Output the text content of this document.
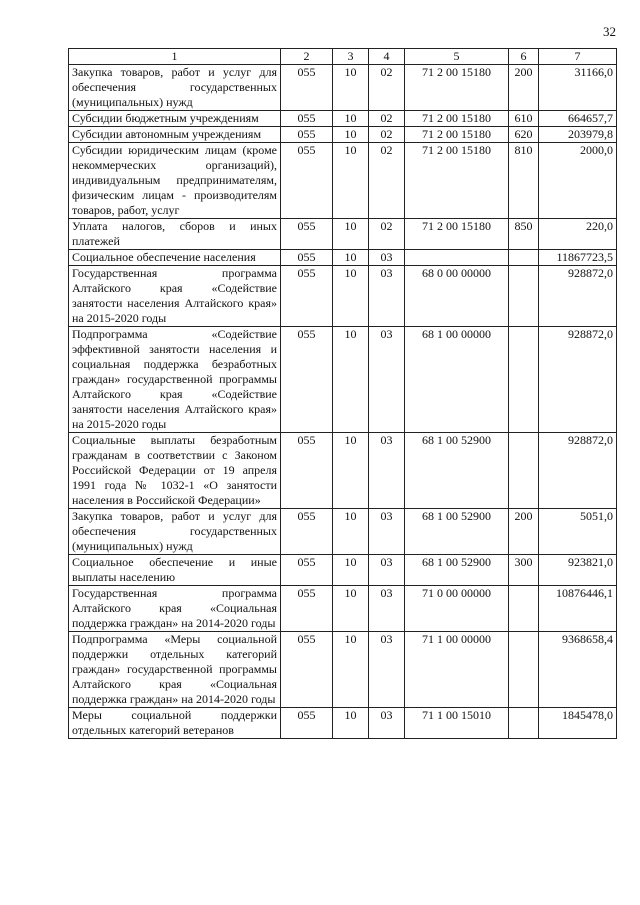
32
1	2	3	4	5	6	7
Закупка товаров, работ и услуг для обеспечения государственных (муниципальных) нужд	055	10	02	71 2 00 15180	200	31166,0
Субсидии бюджетным учреждениям	055	10	02	71 2 00 15180	610	664657,7
Субсидии автономным учреждениям	055	10	02	71 2 00 15180	620	203979,8
Субсидии юридическим лицам (кроме некоммерческих организаций), индивидуальным предпринимателям, физическим лицам - производителям товаров, работ, услуг	055	10	02	71 2 00 15180	810	2000,0
Уплата налогов, сборов и иных платежей	055	10	02	71 2 00 15180	850	220,0
Социальное обеспечение населения	055	10	03			11867723,5
Государственная программа Алтайского края «Содействие занятости населения Алтайского края» на 2015-2020 годы	055	10	03	68 0 00 00000		928872,0
Подпрограмма «Содействие эффективной занятости населения и социальная поддержка безработных граждан» государственной программы Алтайского края «Содействие занятости населения Алтайского края» на 2015-2020 годы	055	10	03	68 1 00 00000		928872,0
Социальные выплаты безработным гражданам в соответствии с Законом Российской Федерации от 19 апреля 1991 года № 1032-1 «О занятости населения в Российской Федерации»	055	10	03	68 1 00 52900		928872,0
Закупка товаров, работ и услуг для обеспечения государственных (муниципальных) нужд	055	10	03	68 1 00 52900	200	5051,0
Социальное обеспечение и иные выплаты населению	055	10	03	68 1 00 52900	300	923821,0
Государственная программа Алтайского края «Социальная поддержка граждан» на 2014-2020 годы	055	10	03	71 0 00 00000		10876446,1
Подпрограмма «Меры социальной поддержки отдельных категорий граждан» государственной программы Алтайского края «Социальная поддержка граждан» на 2014-2020 годы	055	10	03	71 1 00 00000		9368658,4
Меры социальной поддержки отдельных категорий ветеранов	055	10	03	71 1 00 15010		1845478,0
